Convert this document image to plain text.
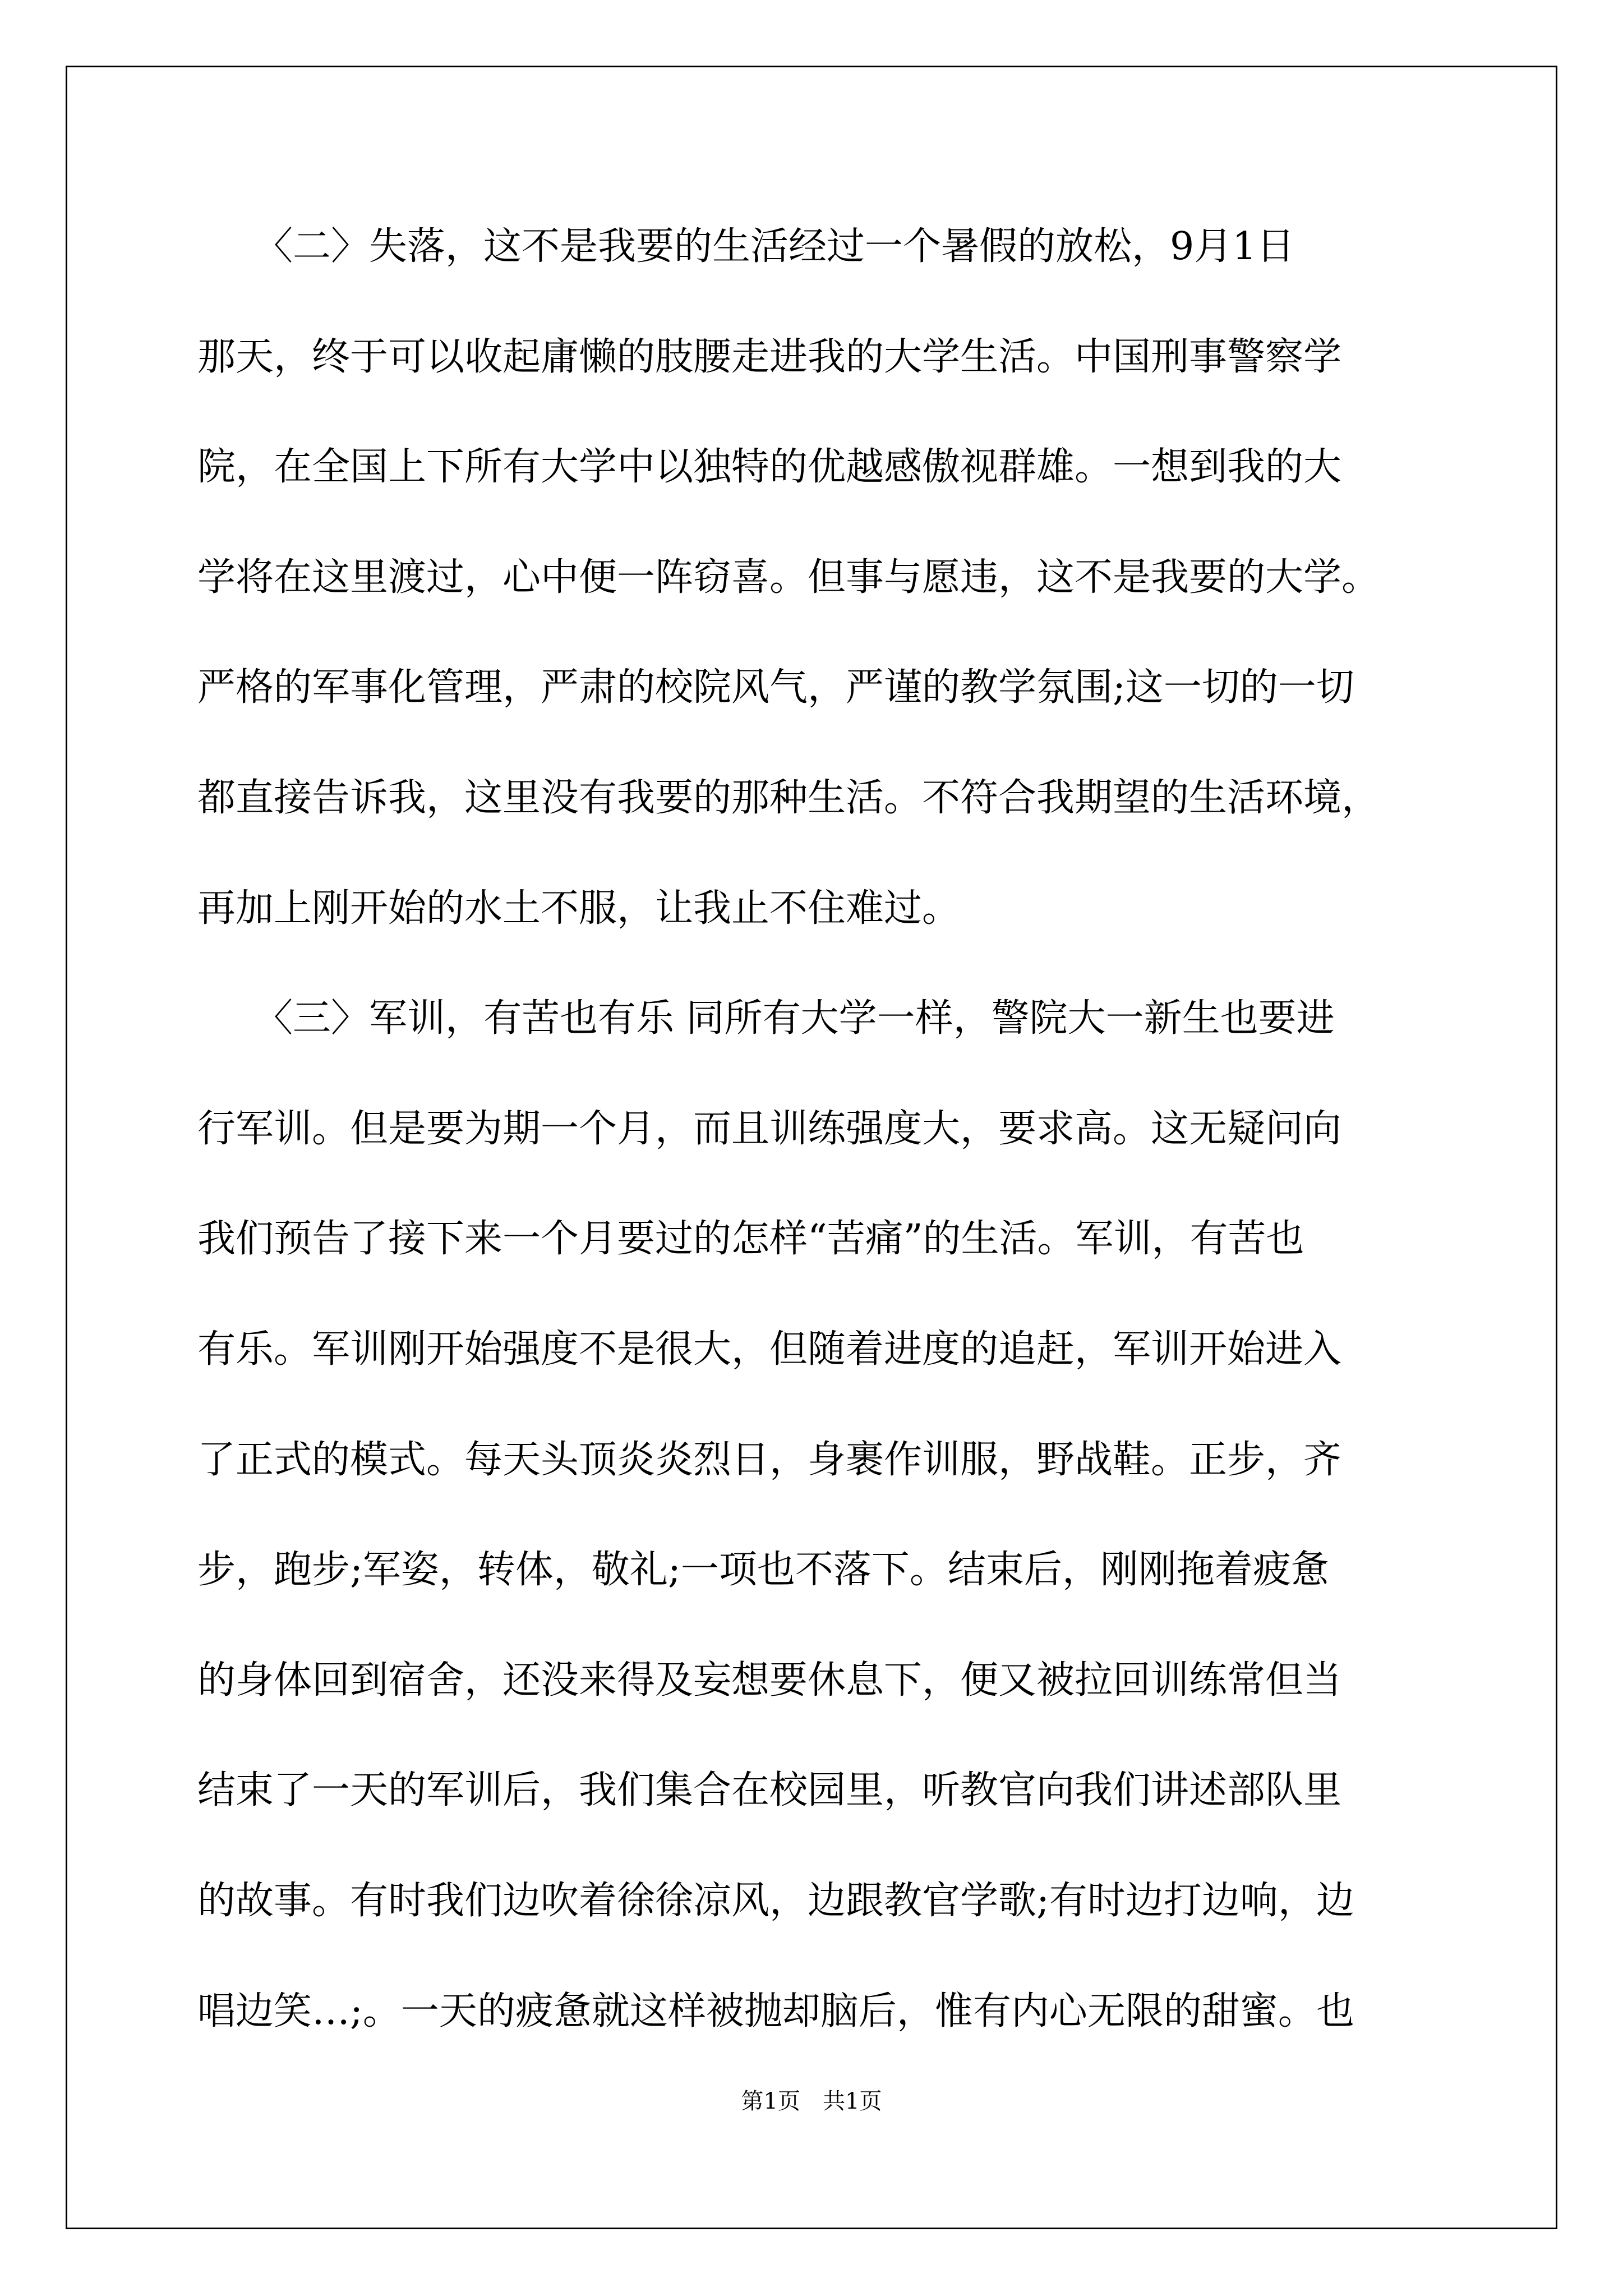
　　〈二〉失落，这不是我要的生活经过一个暑假的放松，9月1日
那天，终于可以收起庸懒的肢腰走进我的大学生活。中国刑事警察学
院，在全国上下所有大学中以独特的优越感傲视群雄。一想到我的大
学将在这里渡过，心中便一阵窃喜。但事与愿违，这不是我要的大学。
严格的军事化管理，严肃的校院风气，严谨的教学氛围;这一切的一切
都直接告诉我，这里没有我要的那种生活。不符合我期望的生活环境，
再加上刚开始的水土不服，让我止不住难过。
　　〈三〉军训，有苦也有乐 同所有大学一样，警院大一新生也要进
行军训。但是要为期一个月，而且训练强度大，要求高。这无疑问向
我们预告了接下来一个月要过的怎样“苦痛”的生活。军训，有苦也
有乐。军训刚开始强度不是很大，但随着进度的追赶，军训开始进入
了正式的模式。每天头顶炎炎烈日，身裹作训服，野战鞋。正步，齐
步，跑步;军姿，转体，敬礼;一项也不落下。结束后，刚刚拖着疲惫
的身体回到宿舍，还没来得及妄想要休息下，便又被拉回训练常但当
结束了一天的军训后，我们集合在校园里，听教官向我们讲述部队里
的故事。有时我们边吹着徐徐凉风，边跟教官学歌;有时边打边响，边
唱边笑…;。一天的疲惫就这样被抛却脑后，惟有内心无限的甜蜜。也
第1页　共1页
